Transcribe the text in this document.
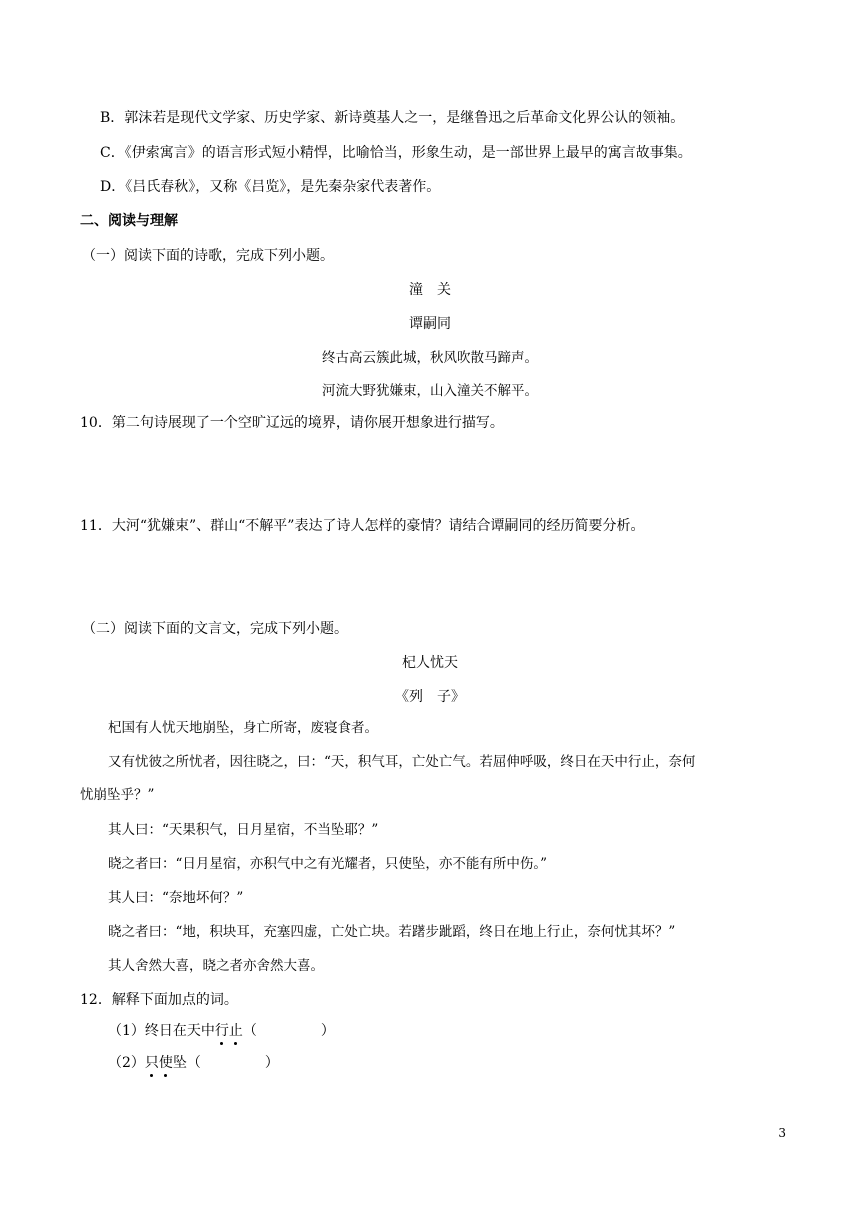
B．郭沫若是现代文学家、历史学家、新诗奠基人之一，是继鲁迅之后革命文化界公认的领袖。
C．《伊索寓言》的语言形式短小精悍，比喻恰当，形象生动，是一部世界上最早的寓言故事集。
D．《吕氏春秋》，又称《吕览》，是先秦杂家代表著作。
二、阅读与理解
（一）阅读下面的诗歌，完成下列小题。
潼　关
谭嗣同
终古高云簇此城，秋风吹散马蹄声。
河流大野犹嫌束，山入潼关不解平。
10．第二句诗展现了一个空旷辽远的境界，请你展开想象进行描写。
11．大河“犹嫌束”、群山“不解平”表达了诗人怎样的豪情？请结合谭嗣同的经历简要分析。
（二）阅读下面的文言文，完成下列小题。
杞人忧天
《列　子》
杞国有人忧天地崩坠，身亡所寄，废寝食者。
又有忧彼之所忧者，因往晓之，曰：“天，积气耳，亡处亡气。若屈伸呼吸，终日在天中行止，奈何
忧崩坠乎？”
其人曰：“天果积气，日月星宿，不当坠耶？”
晓之者曰：“日月星宿，亦积气中之有光耀者，只使坠，亦不能有所中伤。”
其人曰：“奈地坏何？”
晓之者曰：“地，积块耳，充塞四虚，亡处亡块。若躇步跐蹈，终日在地上行止，奈何忧其坏？”
其人舍然大喜，晓之者亦舍然大喜。
12．解释下面加点的词。
（1）终日在天中行止（	）
（2）只使坠（	）
3
